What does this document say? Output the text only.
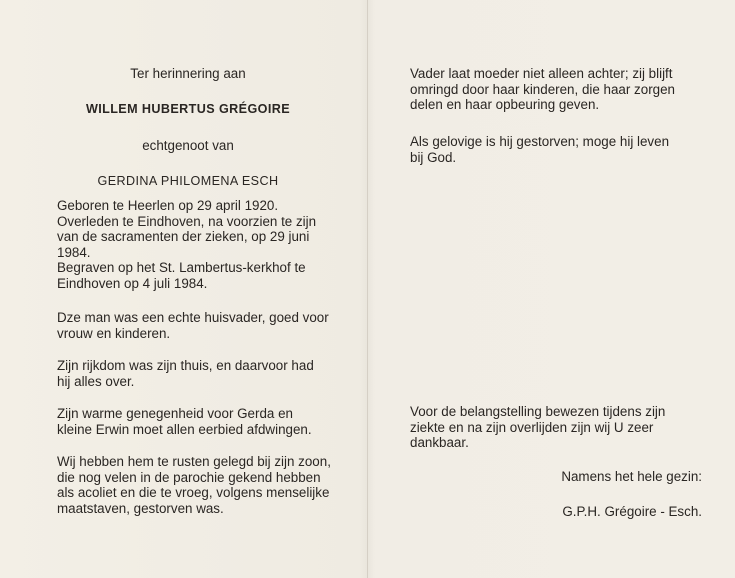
Ter herinnering aan

WILLEM HUBERTUS GRÉGOIRE

echtgenoot van

GERDINA PHILOMENA ESCH

Geboren te Heerlen op 29 april 1920.
Overleden te Eindhoven, na voorzien te zijn
van de sacramenten der zieken, op 29 juni
1984.
Begraven op het St. Lambertus-kerkhof te
Eindhoven op 4 juli 1984.
Dze man was een echte huisvader, goed voor
vrouw en kinderen.
Zijn rijkdom was zijn thuis, en daarvoor had
hij alles over.
Zijn warme genegenheid voor Gerda en
kleine Erwin moet allen eerbied afdwingen.
Wij hebben hem te rusten gelegd bij zijn zoon,
die nog velen in de parochie gekend hebben
als acoliet en die te vroeg, volgens menselijke
maatstaven, gestorven was.
Vader laat moeder niet alleen achter; zij blijft
omringd door haar kinderen, die haar zorgen
delen en haar opbeuring geven.
Als gelovige is hij gestorven; moge hij leven
bij God.
Voor de belangstelling bewezen tijdens zijn
ziekte en na zijn overlijden zijn wij U zeer
dankbaar.

Namens het hele gezin:

G.P.H. Grégoire - Esch.
